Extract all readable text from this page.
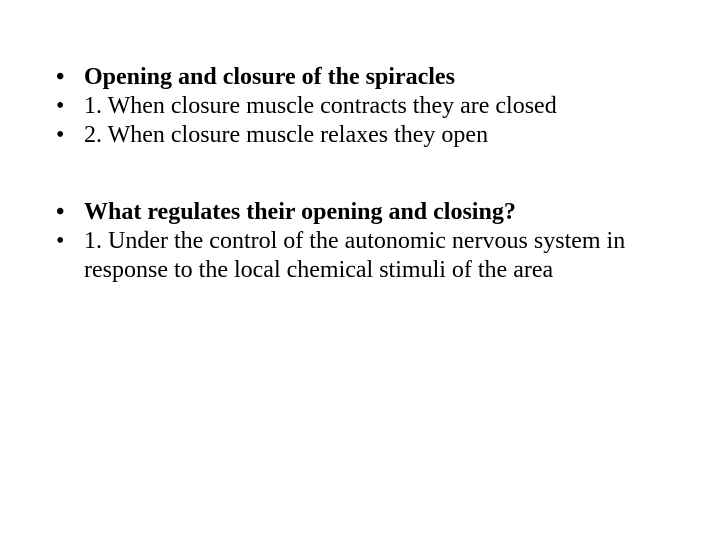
• Opening and closure of the spiracles
• 1. When closure muscle contracts they are closed
• 2. When closure muscle relaxes they open
• What regulates their opening and closing?
• 1. Under the control of the autonomic nervous system in response to the local chemical stimuli of the area
